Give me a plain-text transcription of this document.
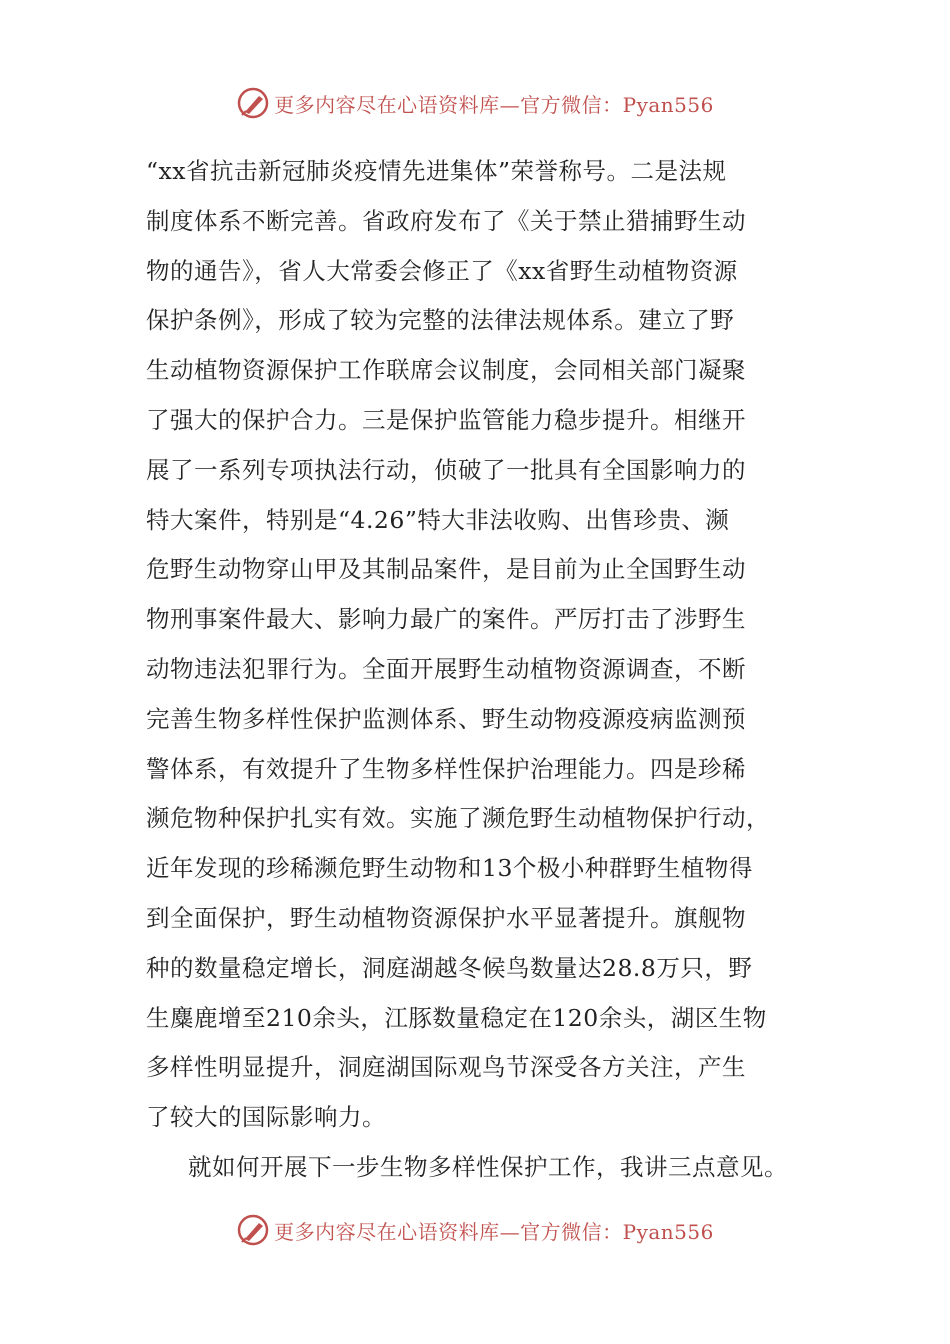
更多内容尽在心语资料库—官方微信：Pyan556
“xx省抗击新冠肺炎疫情先进集体”荣誉称号。二是法规
制度体系不断完善。省政府发布了《关于禁止猎捕野生动
物的通告》，省人大常委会修正了《xx省野生动植物资源
保护条例》，形成了较为完整的法律法规体系。建立了野
生动植物资源保护工作联席会议制度，会同相关部门凝聚
了强大的保护合力。三是保护监管能力稳步提升。相继开
展了一系列专项执法行动，侦破了一批具有全国影响力的
特大案件，特别是“4.26”特大非法收购、出售珍贵、濒
危野生动物穿山甲及其制品案件，是目前为止全国野生动
物刑事案件最大、影响力最广的案件。严厉打击了涉野生
动物违法犯罪行为。全面开展野生动植物资源调查，不断
完善生物多样性保护监测体系、野生动物疫源疫病监测预
警体系，有效提升了生物多样性保护治理能力。四是珍稀
濒危物种保护扎实有效。实施了濒危野生动植物保护行动，
近年发现的珍稀濒危野生动物和13个极小种群野生植物得
到全面保护，野生动植物资源保护水平显著提升。旗舰物
种的数量稳定增长，洞庭湖越冬候鸟数量达28.8万只，野
生麋鹿增至210余头，江豚数量稳定在120余头，湖区生物
多样性明显提升，洞庭湖国际观鸟节深受各方关注，产生
了较大的国际影响力。
就如何开展下一步生物多样性保护工作，我讲三点意见。
更多内容尽在心语资料库—官方微信：Pyan556
